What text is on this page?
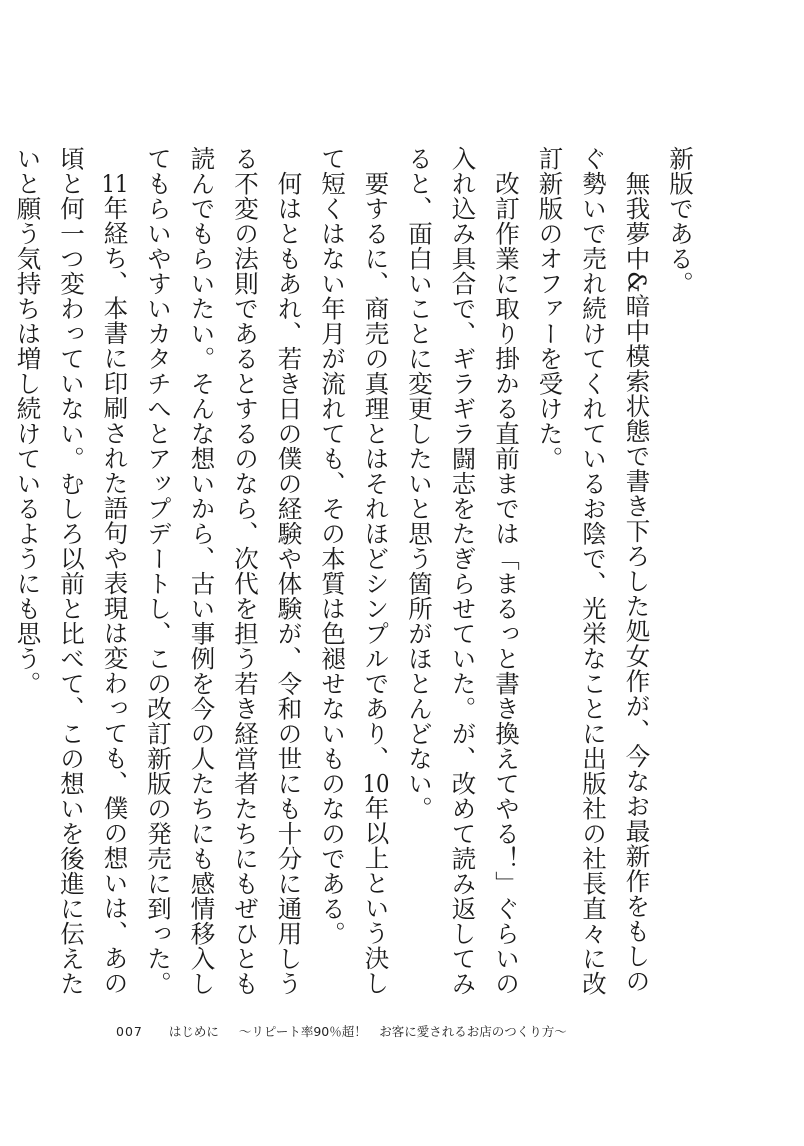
新版である。

無我夢中&暗中模索状態で書き下ろした処女作が、今なお最新作をもしのぐ勢いで売れ続けてくれているお陰で、光栄なことに出版社の社長直々に改訂新版のオファーを受けた。

改訂作業に取り掛かる直前までは「まるっと書き換えてやる！」ぐらいの入れ込み具合で、ギラギラ闘志をたぎらせていた。が、改めて読み返してみると、面白いことに変更したいと思う箇所がほとんどない。

要するに、商売の真理とはそれほどシンプルであり、10年以上という決して短くはない年月が流れても、その本質は色褪せないものなのである。

何はともあれ、若き日の僕の経験や体験が、令和の世にも十分に通用しうる不変の法則であるとするのなら、次代を担う若き経営者たちにもぜひとも読んでもらいたい。そんな想いから、古い事例を今の人たちにも感情移入してもらいやすいカタチへとアップデートし、この改訂新版の発売に到った。

11年経ち、本書に印刷された語句や表現は変わっても、僕の想いは、あの頃と何一つ変わっていない。むしろ以前と比べて、この想いを後進に伝えたいと願う気持ちは増し続けているようにも思う。

007 はじめに ～リピート率90％超！　お客に愛されるお店のつくり方～
